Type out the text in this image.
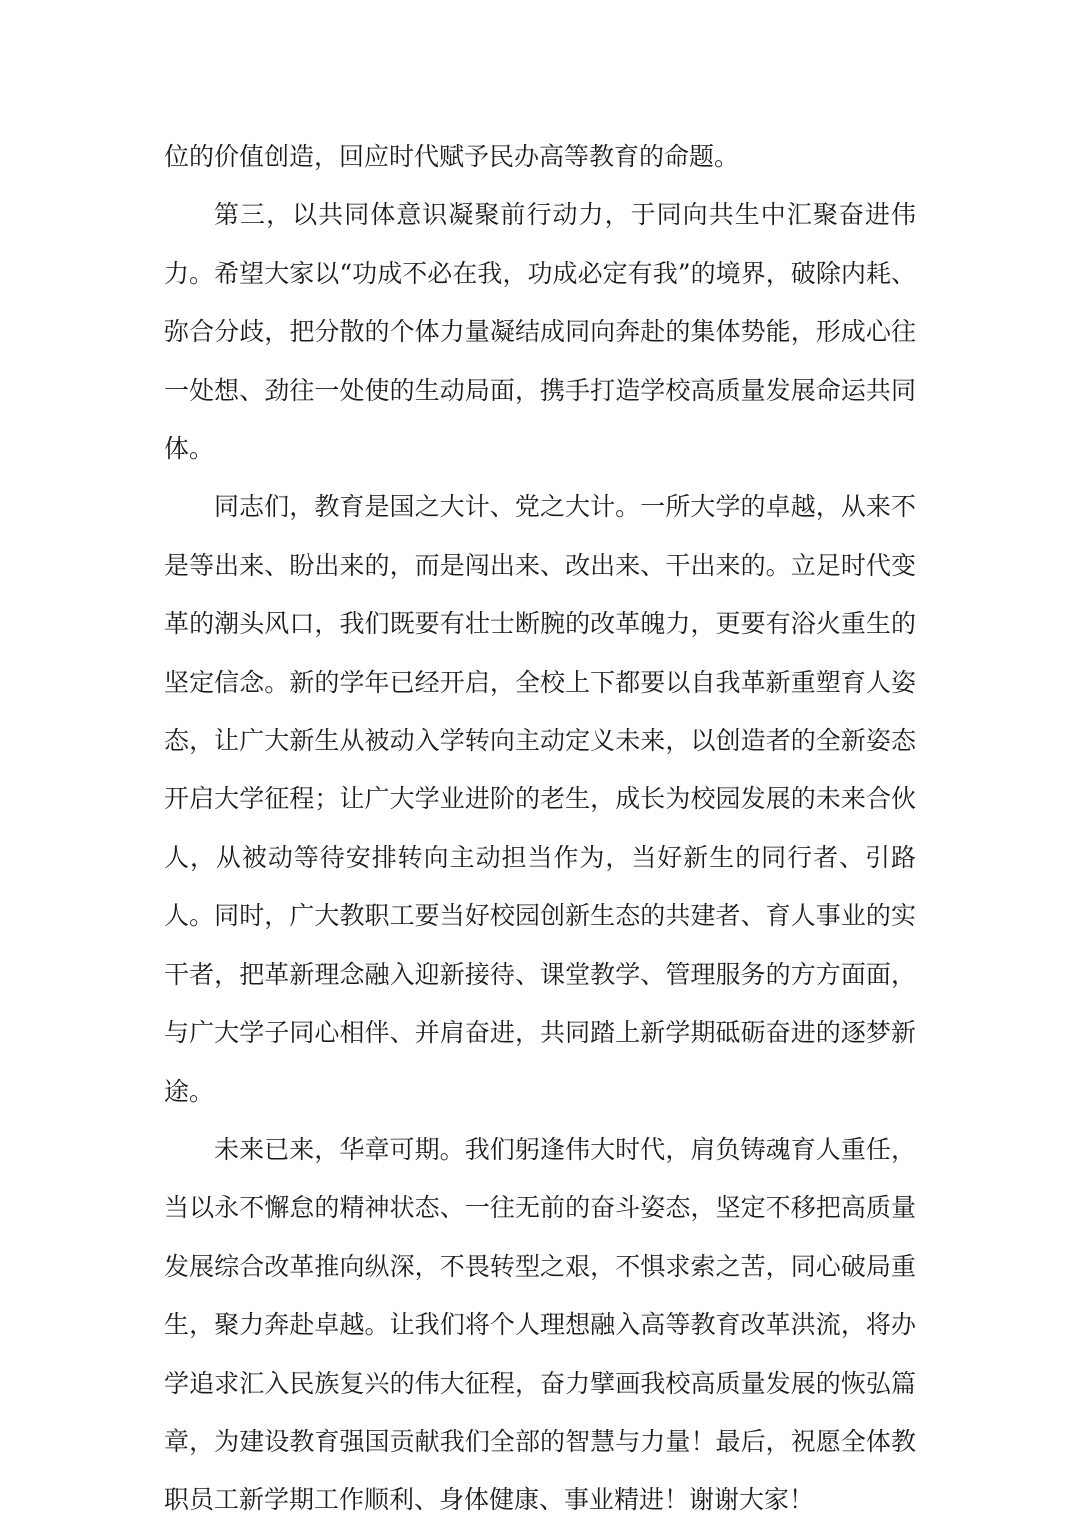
位的价值创造，回应时代赋予民办高等教育的命题。

第三，以共同体意识凝聚前行动力，于同向共生中汇聚奋进伟力。希望大家以“功成不必在我，功成必定有我”的境界，破除内耗、弥合分歧，把分散的个体力量凝结成同向奔赴的集体势能，形成心往一处想、劲往一处使的生动局面，携手打造学校高质量发展命运共同体。

同志们，教育是国之大计、党之大计。一所大学的卓越，从来不是等出来、盼出来的，而是闯出来、改出来、干出来的。立足时代变革的潮头风口，我们既要有壮士断腕的改革魄力，更要有浴火重生的坚定信念。新的学年已经开启，全校上下都要以自我革新重塑育人姿态，让广大新生从被动入学转向主动定义未来，以创造者的全新姿态开启大学征程；让广大学业进阶的老生，成长为校园发展的未来合伙人，从被动等待安排转向主动担当作为，当好新生的同行者、引路人。同时，广大教职工要当好校园创新生态的共建者、育人事业的实干者，把革新理念融入迎新接待、课堂教学、管理服务的方方面面，与广大学子同心相伴、并肩奋进，共同踏上新学期砥砺奋进的逐梦新途。

未来已来，华章可期。我们躬逢伟大时代，肩负铸魂育人重任，当以永不懈怠的精神状态、一往无前的奋斗姿态，坚定不移把高质量发展综合改革推向纵深，不畏转型之艰，不惧求索之苦，同心破局重生，聚力奔赴卓越。让我们将个人理想融入高等教育改革洪流，将办学追求汇入民族复兴的伟大征程，奋力擘画我校高质量发展的恢弘篇章，为建设教育强国贡献我们全部的智慧与力量！最后，祝愿全体教职员工新学期工作顺利、身体健康、事业精进！谢谢大家！
